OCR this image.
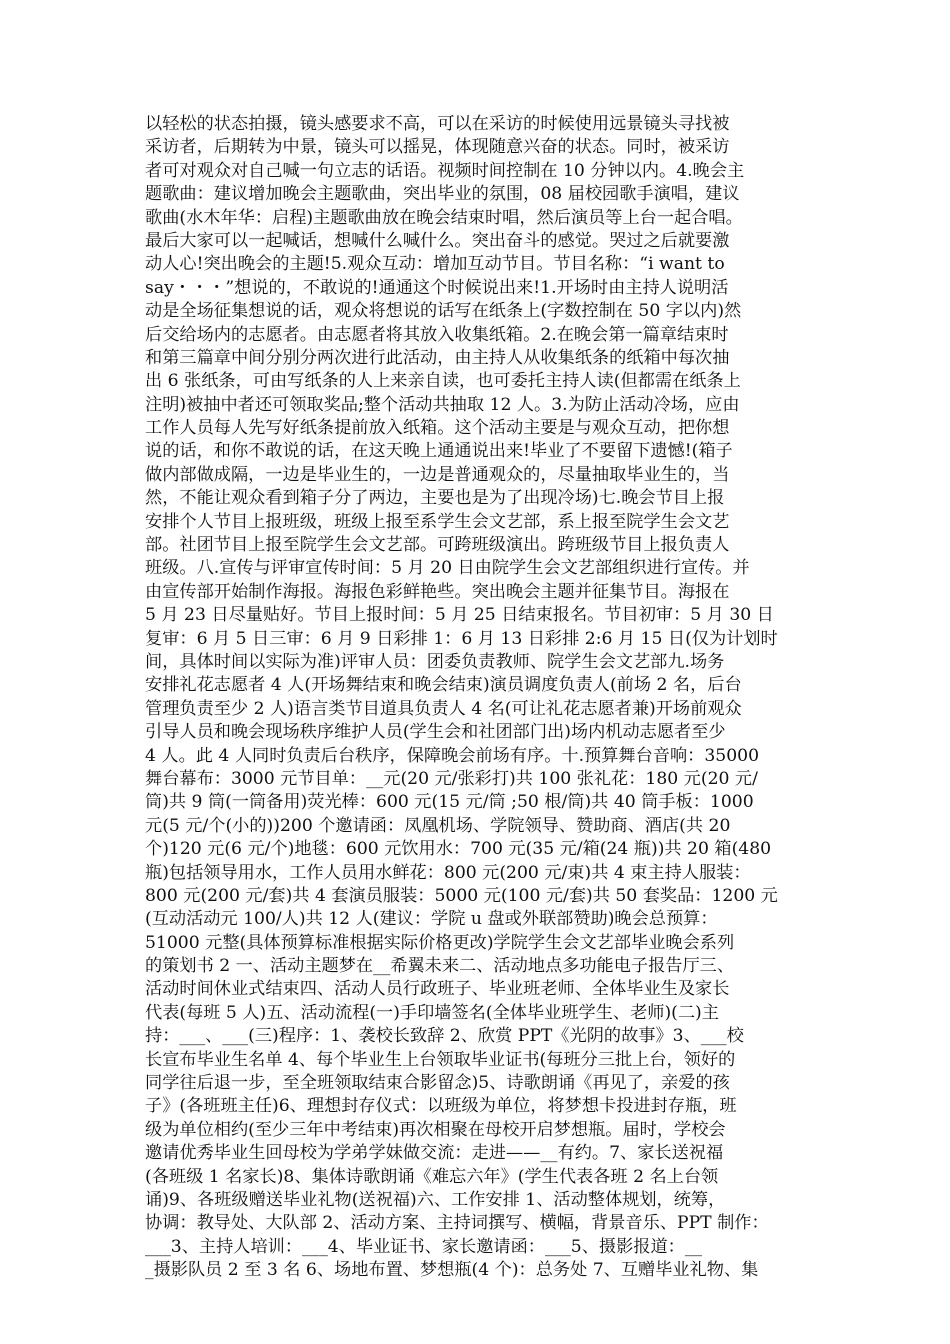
以轻松的状态拍摄，镜头感要求不高，可以在采访的时候使用远景镜头寻找被
采访者，后期转为中景，镜头可以摇晃，体现随意兴奋的状态。同时，被采访
者可对观众对自己喊一句立志的话语。视频时间控制在 10 分钟以内。4.晚会主
题歌曲：建议增加晚会主题歌曲，突出毕业的氛围，08 届校园歌手演唱，建议
歌曲(水木年华：启程)主题歌曲放在晚会结束时唱，然后演员等上台一起合唱。
最后大家可以一起喊话，想喊什么喊什么。突出奋斗的感觉。哭过之后就要激
动人心!突出晚会的主题!5.观众互动：增加互动节目。节目名称：“i want to
say・・・”想说的，不敢说的!通通这个时候说出来!1.开场时由主持人说明活
动是全场征集想说的话，观众将想说的话写在纸条上(字数控制在 50 字以内)然
后交给场内的志愿者。由志愿者将其放入收集纸箱。2.在晚会第一篇章结束时
和第三篇章中间分别分两次进行此活动，由主持人从收集纸条的纸箱中每次抽
出 6 张纸条，可由写纸条的人上来亲自读，也可委托主持人读(但都需在纸条上
注明)被抽中者还可领取奖品;整个活动共抽取 12 人。3.为防止活动冷场，应由
工作人员每人先写好纸条提前放入纸箱。这个活动主要是与观众互动，把你想
说的话，和你不敢说的话，在这天晚上通通说出来!毕业了不要留下遗憾!(箱子
做内部做成隔，一边是毕业生的，一边是普通观众的，尽量抽取毕业生的，当
然，不能让观众看到箱子分了两边，主要也是为了出现冷场)七.晚会节目上报
安排个人节目上报班级，班级上报至系学生会文艺部，系上报至院学生会文艺
部。社团节目上报至院学生会文艺部。可跨班级演出。跨班级节目上报负责人
班级。八.宣传与评审宣传时间：5 月 20 日由院学生会文艺部组织进行宣传。并
由宣传部开始制作海报。海报色彩鲜艳些。突出晚会主题并征集节目。海报在
5 月 23 日尽量贴好。节目上报时间：5 月 25 日结束报名。节目初审：5 月 30 日
复审：6 月 5 日三审：6 月 9 日彩排 1：6 月 13 日彩排 2:6 月 15 日(仅为计划时
间，具体时间以实际为准)评审人员：团委负责教师、院学生会文艺部九.场务
安排礼花志愿者 4 人(开场舞结束和晚会结束)演员调度负责人(前场 2 名，后台
管理负责至少 2 人)语言类节目道具负责人 4 名(可让礼花志愿者兼)开场前观众
引导人员和晚会现场秩序维护人员(学生会和社团部门出)场内机动志愿者至少
4 人。此 4 人同时负责后台秩序，保障晚会前场有序。十.预算舞台音响：35000
舞台幕布：3000 元节目单：__元(20 元/张彩打)共 100 张礼花：180 元(20 元/
筒)共 9 筒(一筒备用)荧光棒：600 元(15 元/筒 ;50 根/筒)共 40 筒手板：1000
元(5 元/个(小的))200 个邀请函：凤凰机场、学院领导、赞助商、酒店(共 20
个)120 元(6 元/个)地毯：600 元饮用水：700 元(35 元/箱(24 瓶))共 20 箱(480
瓶)包括领导用水，工作人员用水鲜花：800 元(200 元/束)共 4 束主持人服装：
800 元(200 元/套)共 4 套演员服装：5000 元(100 元/套)共 50 套奖品：1200 元
(互动活动元 100/人)共 12 人(建议：学院 u 盘或外联部赞助)晚会总预算：
51000 元整(具体预算标准根据实际价格更改)学院学生会文艺部毕业晚会系列
的策划书 2 一、活动主题梦在__希翼未来二、活动地点多功能电子报告厅三、
活动时间休业式结束四、活动人员行政班子、毕业班老师、全体毕业生及家长
代表(每班 5 人)五、活动流程(一)手印墙签名(全体毕业班学生、老师)(二)主
持：___、___(三)程序：1、袭校长致辞 2、欣赏 PPT《光阴的故事》3、___校
长宣布毕业生名单 4、每个毕业生上台领取毕业证书(每班分三批上台，领好的
同学往后退一步，至全班领取结束合影留念)5、诗歌朗诵《再见了，亲爱的孩
子》(各班班主任)6、理想封存仪式：以班级为单位，将梦想卡投进封存瓶，班
级为单位相约(至少三年中考结束)再次相聚在母校开启梦想瓶。届时，学校会
邀请优秀毕业生回母校为学弟学妹做交流：走进——__有约。7、家长送祝福
(各班级 1 名家长)8、集体诗歌朗诵《难忘六年》(学生代表各班 2 名上台领
诵)9、各班级赠送毕业礼物(送祝福)六、工作安排 1、活动整体规划，统筹，
协调：教导处、大队部 2、活动方案、主持词撰写、横幅，背景音乐、PPT 制作：
___3、主持人培训：___4、毕业证书、家长邀请函：___5、摄影报道：__
_摄影队员 2 至 3 名 6、场地布置、梦想瓶(4 个)：总务处 7、互赠毕业礼物、集
